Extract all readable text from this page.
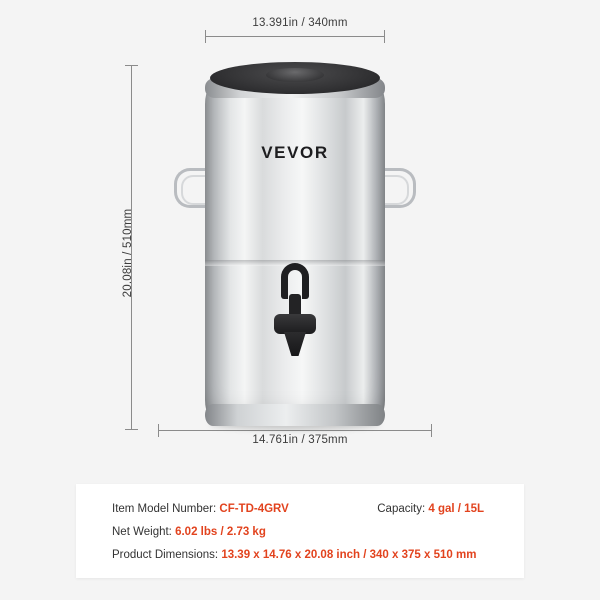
13.391in / 340mm
20.08in / 510mm
14.761in / 375mm
VEVOR
Item Model Number: CF-TD-4GRV	Capacity: 4 gal / 15L
Net Weight: 6.02 lbs / 2.73 kg
Product Dimensions: 13.39 x 14.76 x 20.08 inch / 340 x 375 x 510 mm
